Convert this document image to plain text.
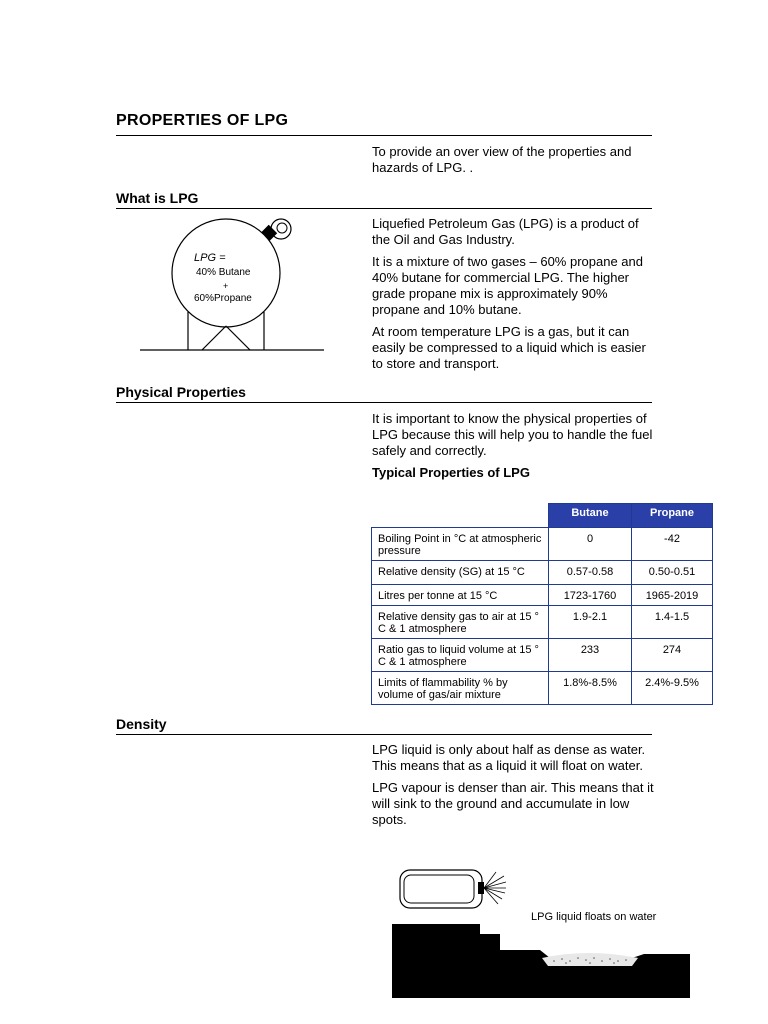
PROPERTIES OF LPG

To provide an over view of the properties and hazards of LPG. .

What is LPG
LPG =
40% Butane
+
60%Propane

Liquefied Petroleum Gas (LPG) is a product of the Oil and Gas Industry.

It is a mixture of two gases – 60% propane and 40% butane for commercial LPG. The higher grade propane mix is approximately 90% propane and 10% butane.

At room temperature LPG is a gas, but it can easily be compressed to a liquid which is easier to store and transport.

Physical Properties

It is important to know the physical properties of LPG because this will help you to handle the fuel safely and correctly.

Typical Properties of LPG

	Butane	Propane
Boiling Point in °C at atmospheric pressure	0	-42
Relative density (SG) at 15 °C	0.57-0.58	0.50-0.51
Litres per tonne at 15 °C	1723-1760	1965-2019
Relative density gas to air at 15 ° C & 1 atmosphere	1.9-2.1	1.4-1.5
Ratio gas to liquid volume at 15 ° C & 1 atmosphere	233	274
Limits of flammability % by volume of gas/air mixture	1.8%-8.5%	2.4%-9.5%
Density

LPG liquid is only about half as dense as water. This means that as a liquid it will float on water.

LPG vapour is denser than air. This means that it will sink to the ground and accumulate in low spots.

LPG liquid floats on water
